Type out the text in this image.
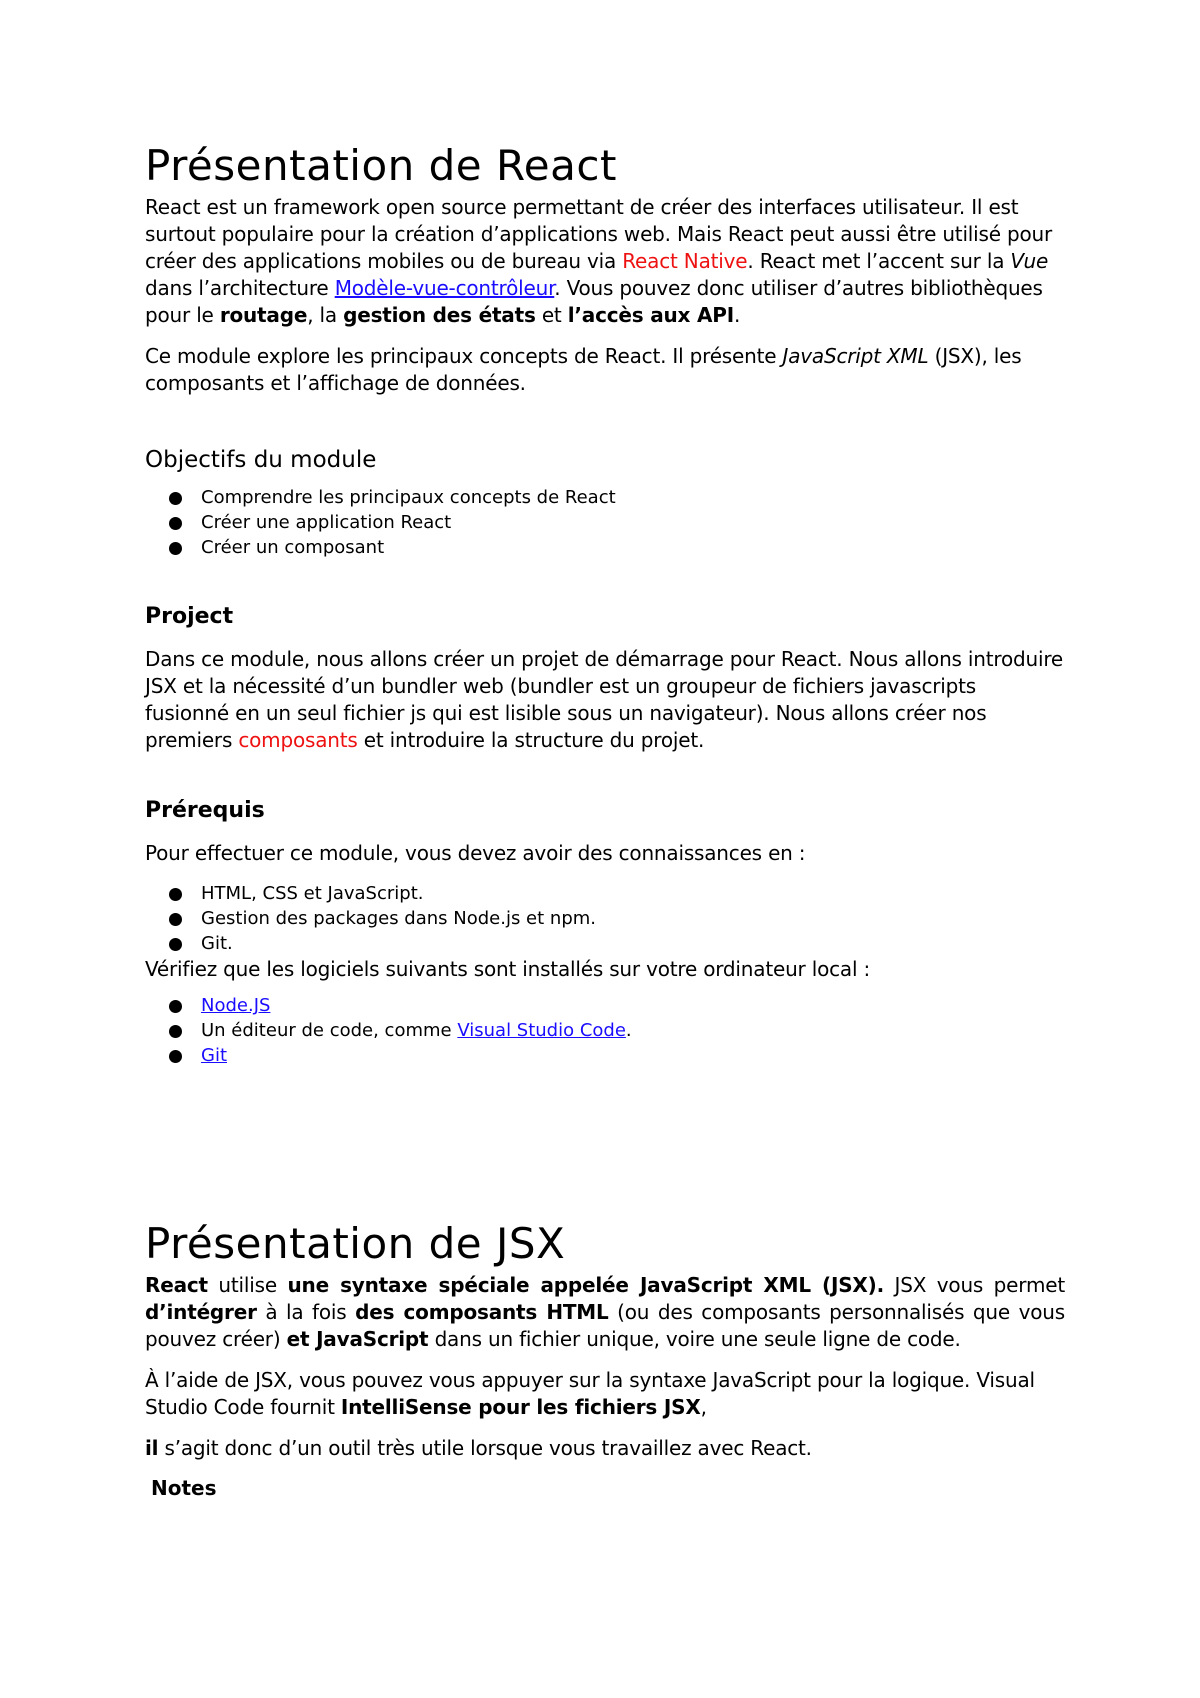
Présentation de React

React est un framework open source permettant de créer des interfaces utilisateur. Il est surtout populaire pour la création d’applications web. Mais React peut aussi être utilisé pour créer des applications mobiles ou de bureau via React Native. React met l’accent sur la Vue dans l’architecture Modèle-vue-contrôleur. Vous pouvez donc utiliser d’autres bibliothèques pour le routage, la gestion des états et l’accès aux API.

Ce module explore les principaux concepts de React. Il présente JavaScript XML (JSX), les composants et l’affichage de données.

Objectifs du module
Comprendre les principaux concepts de React
Créer une application React
Créer un composant
Project

Dans ce module, nous allons créer un projet de démarrage pour React. Nous allons introduire JSX et la nécessité d’un bundler web (bundler est un groupeur de fichiers javascripts fusionné en un seul fichier js qui est lisible sous un navigateur). Nous allons créer nos premiers composants et introduire la structure du projet.

Prérequis

Pour effectuer ce module, vous devez avoir des connaissances en :

HTML, CSS et JavaScript.
Gestion des packages dans Node.js et npm.
Git.

Vérifiez que les logiciels suivants sont installés sur votre ordinateur local :

Node.JS
Un éditeur de code, comme Visual Studio Code.
Git
Présentation de JSX

React utilise une syntaxe spéciale appelée JavaScript XML (JSX). JSX vous permet d’intégrer à la fois des composants HTML (ou des composants personnalisés que vous pouvez créer) et JavaScript dans un fichier unique, voire une seule ligne de code.

À l’aide de JSX, vous pouvez vous appuyer sur la syntaxe JavaScript pour la logique. Visual Studio Code fournit IntelliSense pour les fichiers JSX,

il s’agit donc d’un outil très utile lorsque vous travaillez avec React.

Notes
